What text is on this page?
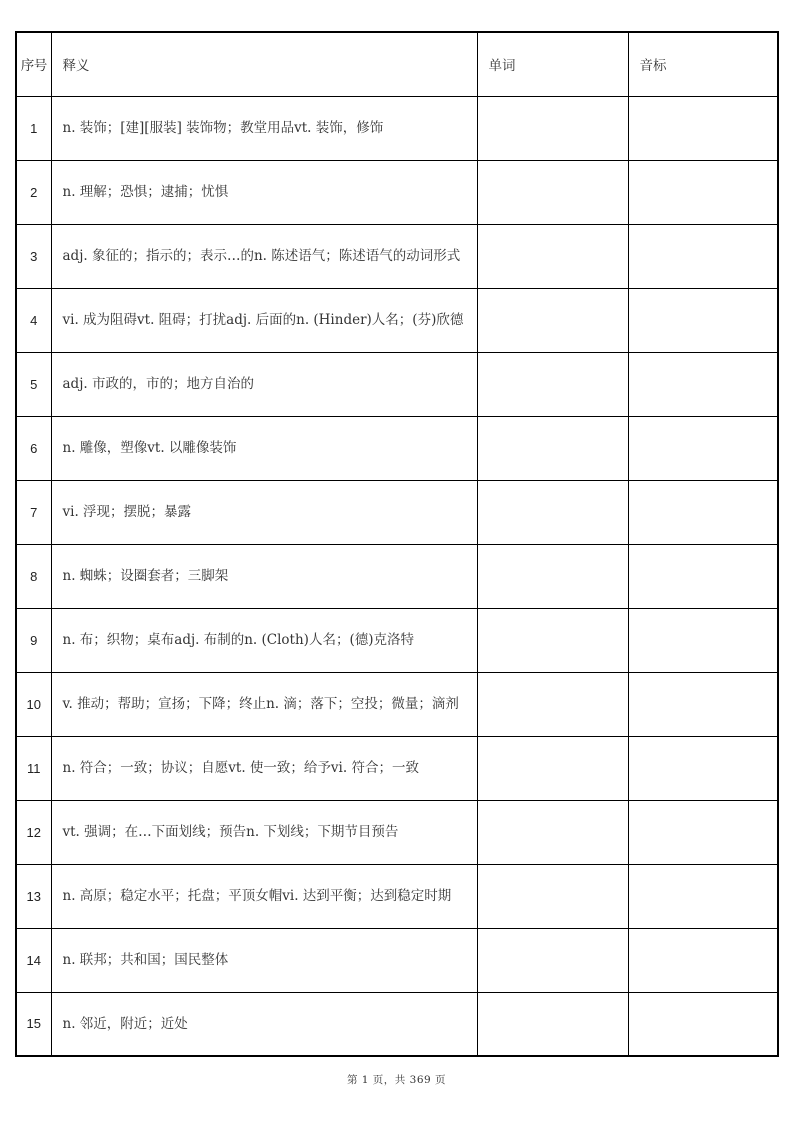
序号	释义	单词	音标
1	n. 装饰；[建][服装] 装饰物；教堂用品vt. 装饰，修饰		
2	n. 理解；恐惧；逮捕；忧惧		
3	adj. 象征的；指示的；表示…的n. 陈述语气；陈述语气的动词形式		
4	vi. 成为阻碍vt. 阻碍；打扰adj. 后面的n. (Hinder)人名；(芬)欣德		
5	adj. 市政的，市的；地方自治的		
6	n. 雕像，塑像vt. 以雕像装饰		
7	vi. 浮现；摆脱；暴露		
8	n. 蜘蛛；设圈套者；三脚架		
9	n. 布；织物；桌布adj. 布制的n. (Cloth)人名；(德)克洛特		
10	v. 推动；帮助；宣扬；下降；终止n. 滴；落下；空投；微量；滴剂		
11	n. 符合；一致；协议；自愿vt. 使一致；给予vi. 符合；一致		
12	vt. 强调；在…下面划线；预告n. 下划线；下期节目预告		
13	n. 高原；稳定水平；托盘；平顶女帽vi. 达到平衡；达到稳定时期		
14	n. 联邦；共和国；国民整体		
15	n. 邻近，附近；近处		
第 1 页，共 369 页
